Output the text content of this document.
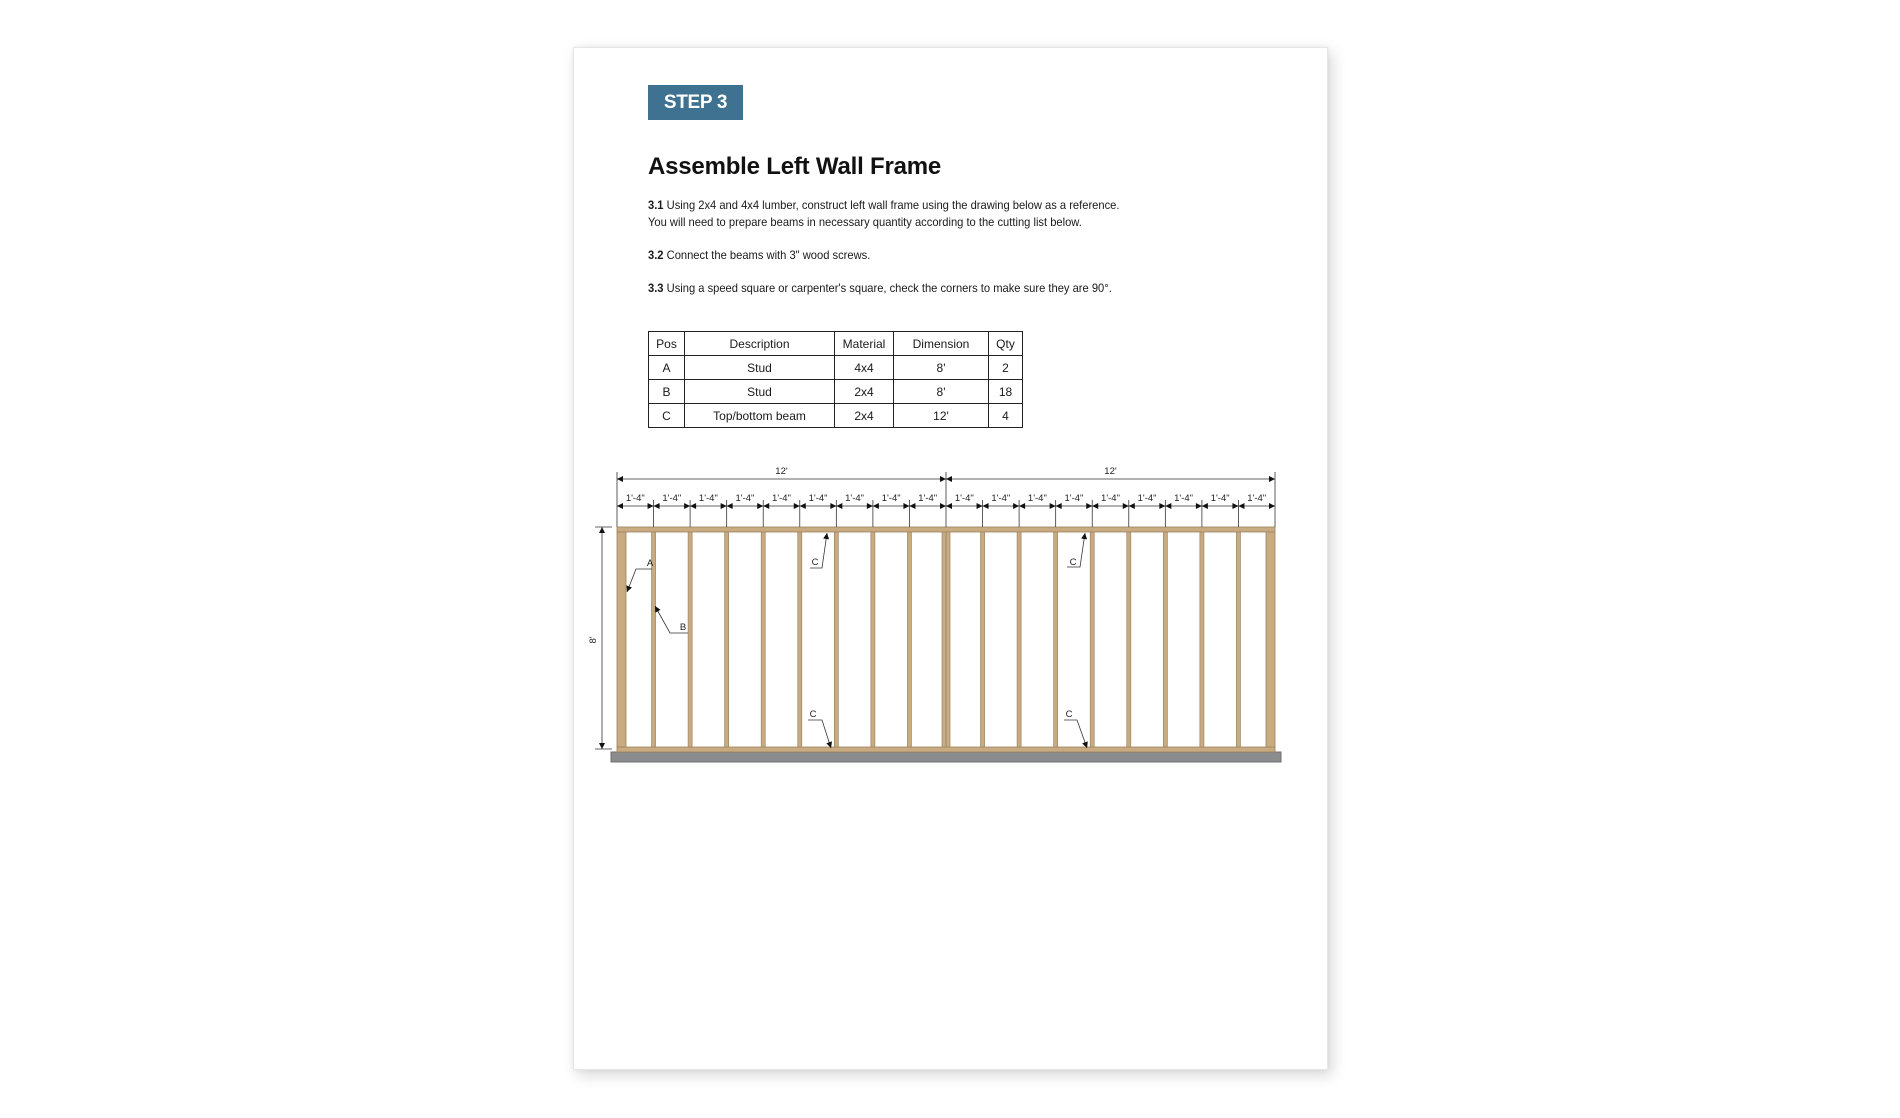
STEP 3
Assemble Left Wall Frame

3.1 Using 2x4 and 4x4 lumber, construct left wall frame using the drawing below as a reference.
You will need to prepare beams in necessary quantity according to the cutting list below.

3.2 Connect the beams with 3" wood screws.

3.3 Using a speed square or carpenter's square, check the corners to make sure they are 90°.

Pos	Description	Material	Dimension	Qty
A	Stud	4x4	8'	2
B	Stud	2x4	8'	18
C	Top/bottom beam	2x4	12'	4
12'	12'
1'-4" 1'-4" 1'-4" 1'-4" 1'-4" 1'-4" 1'-4" 1'-4" 1'-4" 1'-4" 1'-4" 1'-4" 1'-4" 1'-4" 1'-4" 1'-4" 1'-4" 1'-4"
8'
A
B
C	C
C	C
